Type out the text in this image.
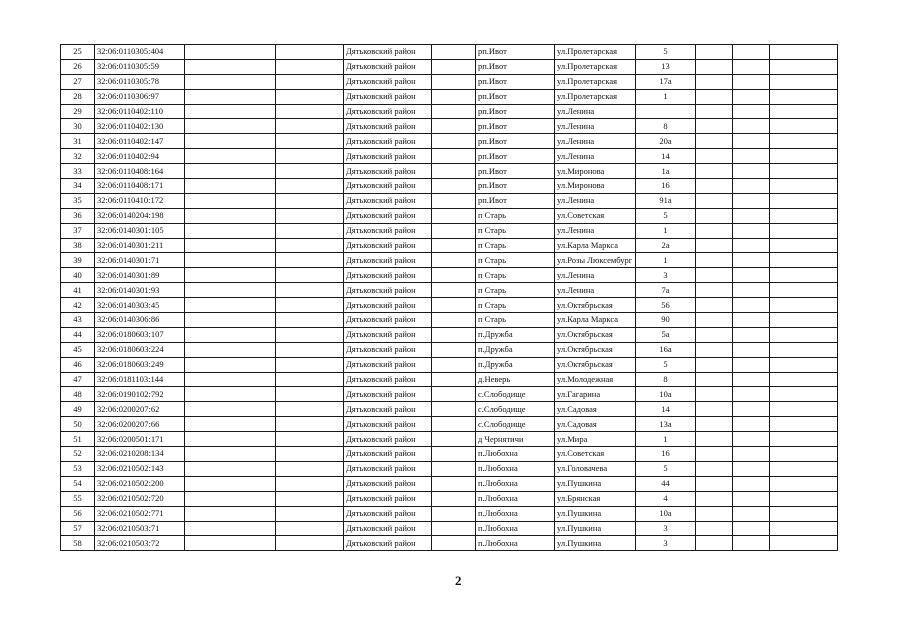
25	32:06:0110305:404			Дятьковский район		рп.Ивот	ул.Пролетарская	5			
26	32:06:0110305:59			Дятьковский район		рп.Ивот	ул.Пролетарская	13			
27	32:06:0110305:78			Дятьковский район		рп.Ивот	ул.Пролетарская	17а			
28	32:06:0110306:97			Дятьковский район		рп.Ивот	ул.Пролетарская	1			
29	32:06:0110402:110			Дятьковский район		рп.Ивот	ул.Ленина				
30	32:06:0110402:130			Дятьковский район		рп.Ивот	ул.Ленина	8			
31	32:06:0110402:147			Дятьковский район		рп.Ивот	ул.Ленина	20а			
32	32:06:0110402:94			Дятьковский район		рп.Ивот	ул.Ленина	14			
33	32:06:0110408:164			Дятьковский район		рп.Ивот	ул.Миронова	1а			
34	32:06:0110408:171			Дятьковский район		рп.Ивот	ул.Миронова	16			
35	32:06:0110410:172			Дятьковский район		рп.Ивот	ул.Ленина	91а			
36	32:06:0140204:198			Дятьковский район		п Старь	ул.Советская	5			
37	32:06:0140301:105			Дятьковский район		п Старь	ул.Ленина	1			
38	32:06:0140301:211			Дятьковский район		п Старь	ул.Карла Маркса	2а			
39	32:06:0140301:71			Дятьковский район		п Старь	ул.Розы Люксембург	1			
40	32:06:0140301:89			Дятьковский район		п Старь	ул.Ленина	3			
41	32:06:0140301:93			Дятьковский район		п Старь	ул.Ленина	7а			
42	32:06:0140303:45			Дятьковский район		п Старь	ул.Октябрьская	56			
43	32:06:0140306:86			Дятьковский район		п Старь	ул.Карла Маркса	90			
44	32:06:0180603:107			Дятьковский район		п.Дружба	ул.Октябрьская	5а			
45	32:06:0180603:224			Дятьковский район		п.Дружба	ул.Октябрьская	16а			
46	32:06:0180603:249			Дятьковский район		п.Дружба	ул.Октябрьская	5			
47	32:06:0181103:144			Дятьковский район		д.Неверь	ул.Молодежная	8			
48	32:06:0190102:792			Дятьковский район		с.Слободище	ул.Гагарина	10а			
49	32:06:0200207:62			Дятьковский район		с.Слободище	ул.Садовая	14			
50	32:06:0200207:66			Дятьковский район		с.Слободище	ул.Садовая	13а			
51	32:06:0200501:171			Дятьковский район		д Чернятичи	ул.Мира	1			
52	32:06:0210208:134			Дятьковский район		п.Любохна	ул.Советская	16			
53	32:06:0210502:143			Дятьковский район		п.Любохна	ул.Головачева	5			
54	32:06:0210502:200			Дятьковский район		п.Любохна	ул.Пушкина	44			
55	32:06:0210502:720			Дятьковский район		п.Любохна	ул.Брянская	4			
56	32:06:0210502:771			Дятьковский район		п.Любохна	ул.Пушкина	10а			
57	32:06:0210503:71			Дятьковский район		п.Любохна	ул.Пушкина	3			
58	32:06:0210503:72			Дятьковский район		п.Любохна	ул.Пушкина	3			
2
